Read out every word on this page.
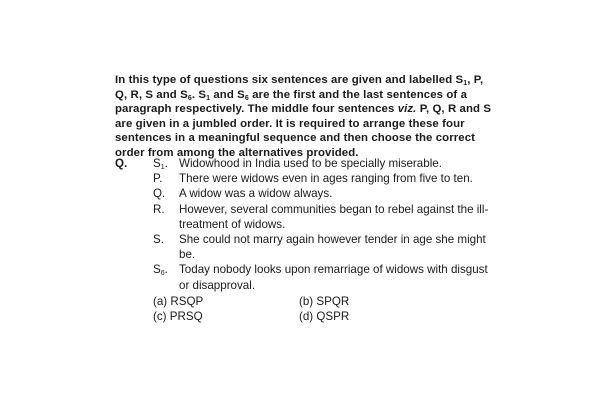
In this type of questions six sentences are given and labelled $S_1$, P, Q, R, S and $S_6$. $S_1$ and $S_6$ are the first and the last sentences of a paragraph respectively. The middle four sentences viz. P, Q, R and S are given in a jumbled order. It is required to arrange these four sentences in a meaningful sequence and then choose the correct order from among the alternatives provided.
Q. $S_1$. Widowhood in India used to be specially miserable.
P.	There were widows even in ages ranging from five to ten.
Q.	A widow was a widow always.
R.	However, several communities began to rebel against the ill-treatment of widows.
S.	She could not marry again however tender in age she might be.
$S_6$. Today nobody looks upon remarriage of widows with disgust or disapproval.
(a) RSQP	(b) SPQR
(c) PRSQ	(d) QSPR
